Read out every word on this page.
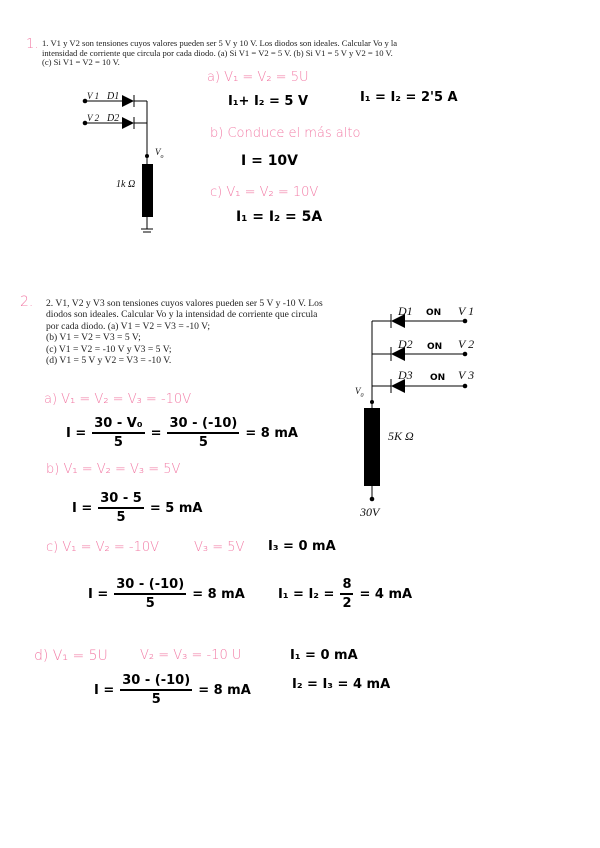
1. 1. V1 y V2 son tensiones cuyos valores pueden ser 5 V y 10 V. Los diodos son ideales. Calcular Vo y la
intensidad de corriente que circula por cada diodo. (a) Si V1 = V2 = 5 V. (b) Si V1 = 5 V y V2 = 10 V.
(c) Si V1 = V2 = 10 V.
V 1 D1
V 2 D2
$V_o$
1k Ω
a) V₁ = V₂ = 5U
I₁+ I₂ = 5 V	I₁ = I₂ = 2'5 A
b) Conduce el más alto
I = 10V
c) V₁ = V₂ = 10V
I₁ = I₂ = 5A
2. 2. V1, V2 y V3 son tensiones cuyos valores pueden ser 5 V y -10 V. Los
diodos son ideales. Calcular Vo y la intensidad de corriente que circula
por cada diodo. (a) V1 = V2 = V3 = -10 V;
(b) V1 = V2 = V3 = 5 V;
(c) V1 = V2 = -10 V y V3 = 5 V;
(d) V1 = 5 V y V2 = V3 = -10 V.
D1 ON V 1
D2 ON V 2
D3 ON V 3
$V_0$
5K Ω
30V
a) V₁ = V₂ = V₃ = -10V
$I = \frac{\text{30 - V₀}}{5} = \frac{30 - (-10)}{5} = 8$ mA
b) V₁ = V₂ = V₃ = 5V
$I = \frac{30 - 5}{5} = 5$ mA
c) V₁ = V₂ = -10V	V₃ = 5V I₃ = 0 mA
$I = \frac{30 - (-10)}{5} = 8$ mA	$I_1 = I_2 = \frac{8}{2} = 4$ mA
d) V₁ = 5U V₂ = V₃ = -10 U	I₁ = 0 mA
$I = \frac{30 - (-10)}{5} = 8$ mA	I₂ = I₃ = 4 mA
